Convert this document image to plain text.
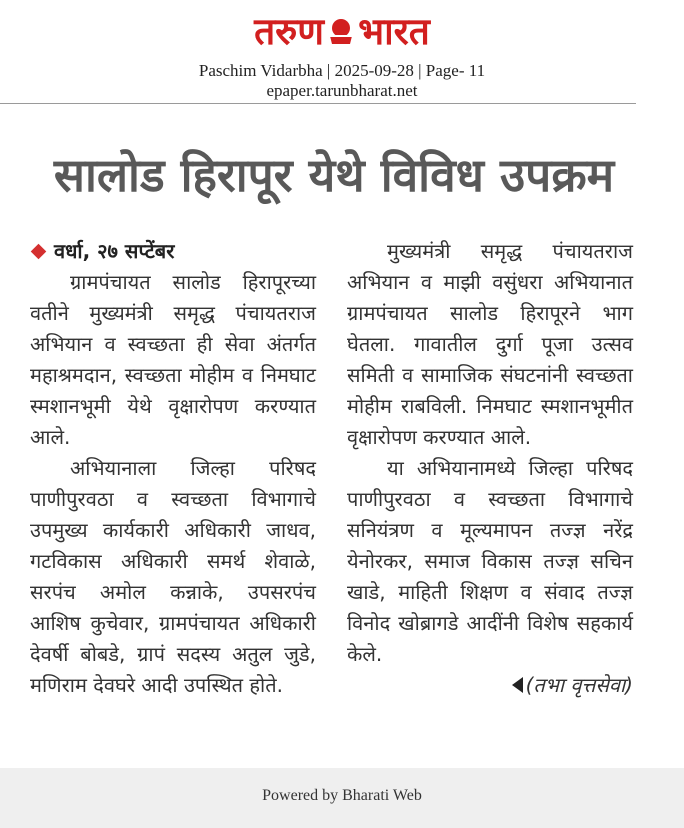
तरुण भारत
Paschim Vidarbha | 2025-09-28 | Page- 11
epaper.tarunbharat.net
सालोड हिरापूर येथे विविध उपक्रम
वर्धा, २७ सप्टेंबर

ग्रामपंचायत सालोड हिरापूरच्या वतीने मुख्यमंत्री समृद्ध पंचायतराज अभियान व स्वच्छता ही सेवा अंतर्गत महाश्रमदान, स्वच्छता मोहीम व निमघाट स्मशानभूमी येथे वृक्षारोपण करण्यात आले.

अभियानाला जिल्हा परिषद पाणीपुरवठा व स्वच्छता विभागाचे उपमुख्य कार्यकारी अधिकारी जाधव, गटविकास अधिकारी समर्थ शेवाळे, सरपंच अमोल कन्नाके, उपसरपंच आशिष कुचेवार, ग्रामपंचायत अधिकारी देवर्षी बोबडे, ग्रापं सदस्य अतुल जुडे, मणिराम देवघरे आदी उपस्थित होते.

मुख्यमंत्री समृद्ध पंचायतराज अभियान व माझी वसुंधरा अभियानात ग्रामपंचायत सालोड हिरापूरने भाग घेतला. गावातील दुर्गा पूजा उत्सव समिती व सामाजिक संघटनांनी स्वच्छता मोहीम राबविली. निमघाट स्मशानभूमीत वृक्षारोपण करण्यात आले.

या अभियानामध्ये जिल्हा परिषद पाणीपुरवठा व स्वच्छता विभागाचे सनियंत्रण व मूल्यमापन तज्ज्ञ नरेंद्र येनोरकर, समाज विकास तज्ज्ञ सचिन खाडे, माहिती शिक्षण व संवाद तज्ज्ञ विनोद खोब्रागडे आदींनी विशेष सहकार्य केले.

(तभा वृत्तसेवा)
Powered by Bharati Web
